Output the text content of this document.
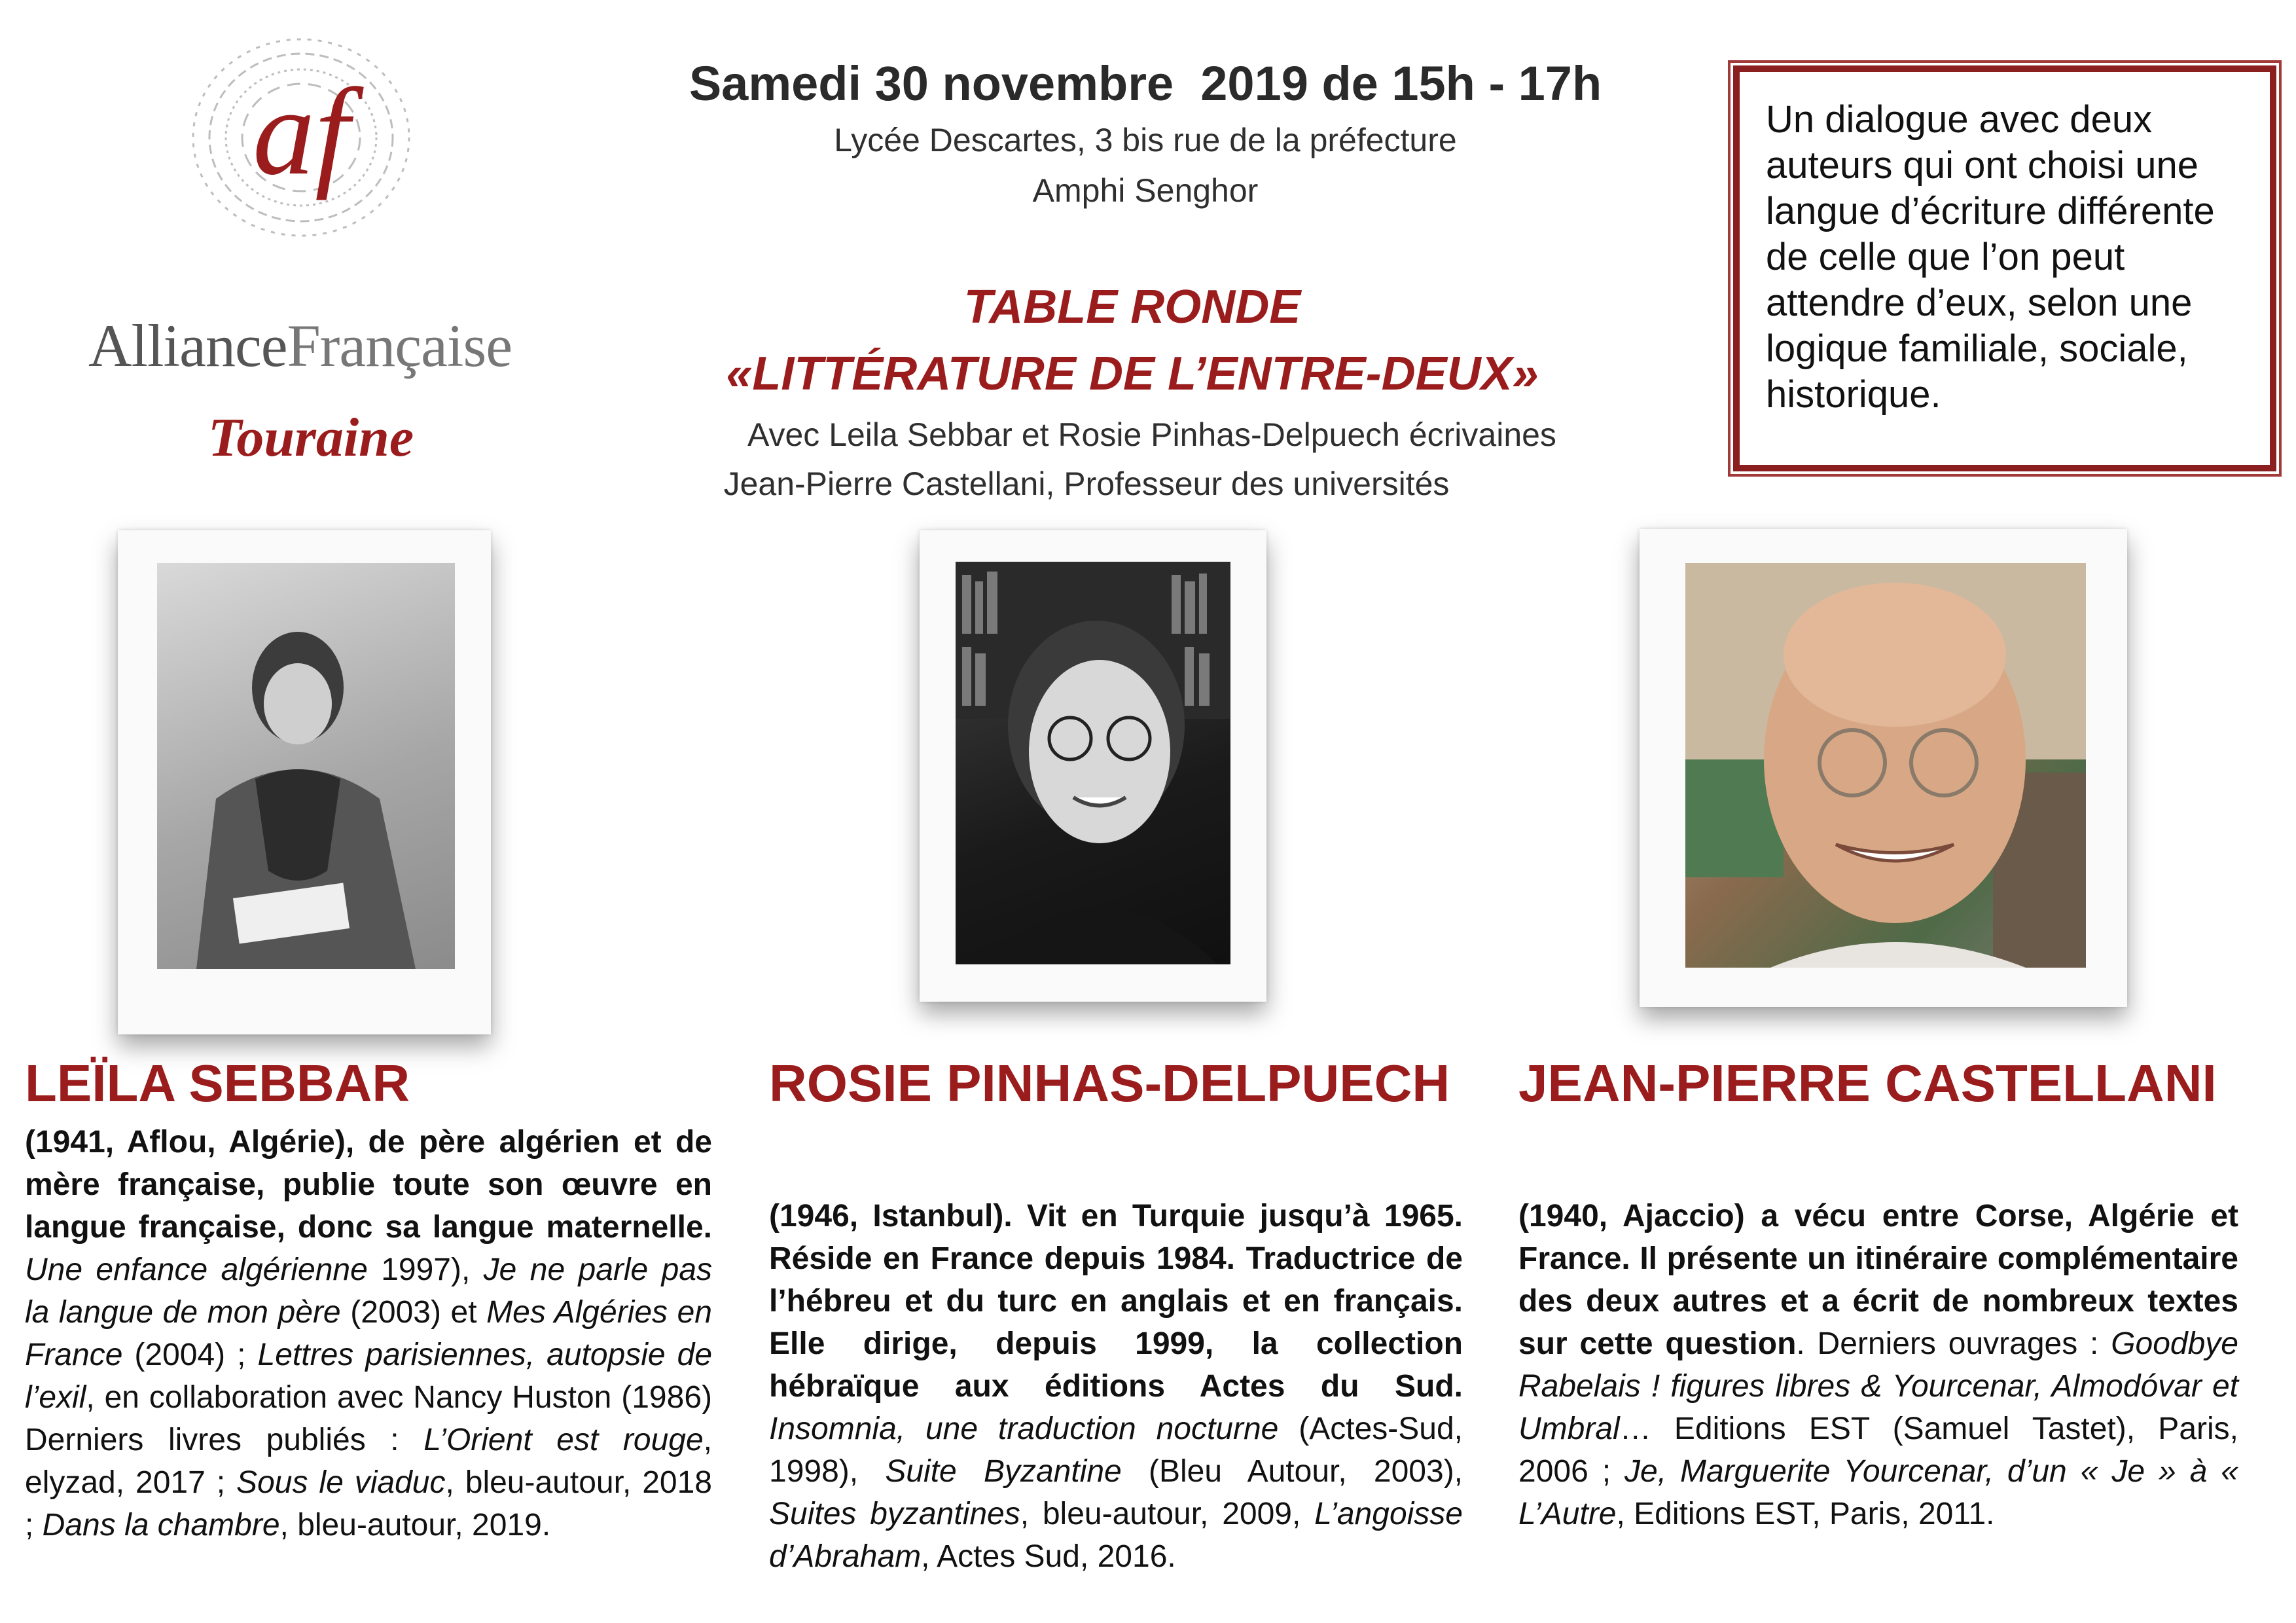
af
AllianceFrançaise
Touraine
Samedi 30 novembre  2019 de 15h - 17h
Lycée Descartes, 3 bis rue de la préfecture
Amphi Senghor
TABLE RONDE
«LITTÉRATURE DE L’ENTRE-DEUX»
Avec Leila Sebbar et Rosie Pinhas-Delpuech écrivaines
Jean-Pierre Castellani, Professeur des universités
Un dialogue avec deux auteurs qui ont choisi une langue d’écriture différente de celle que l’on peut attendre d’eux, selon une logique familiale, sociale, historique.
LEÏLA SEBBAR
(1941, Aflou, Algérie), de père algérien et de mère française, publie toute son œuvre en langue française, donc sa langue maternelle. Une enfance algérienne 1997), Je ne parle pas la langue de mon père (2003) et Mes Algéries en France (2004) ; Lettres parisiennes, autopsie de l’exil, en collaboration avec Nancy Huston (1986) Derniers livres publiés : L’Orient est rouge, elyzad, 2017 ; Sous le viaduc, bleu-autour, 2018 ; Dans la chambre, bleu-autour, 2019.
ROSIE PINHAS-DELPUECH
(1946, Istanbul). Vit en Turquie jusqu’à 1965. Réside en France depuis 1984. Traductrice de l’hébreu et du turc en anglais et en français. Elle dirige, depuis 1999, la collection hébraïque aux éditions Actes du Sud. Insomnia, une traduction nocturne (Actes-Sud, 1998), Suite Byzantine (Bleu Autour, 2003), Suites byzantines, bleu-autour, 2009, L’angoisse d’Abraham, Actes Sud, 2016.
JEAN-PIERRE CASTELLANI
(1940, Ajaccio) a vécu entre Corse, Algérie et France. Il présente un itinéraire complémentaire des deux autres et a écrit de nombreux textes sur cette question. Derniers ouvrages : Goodbye Rabelais ! figures libres & Yourcenar, Almodóvar et Umbral… Editions EST (Samuel Tastet), Paris, 2006 ; Je, Marguerite Yourcenar, d’un « Je » à « L’Autre, Editions EST, Paris, 2011.
